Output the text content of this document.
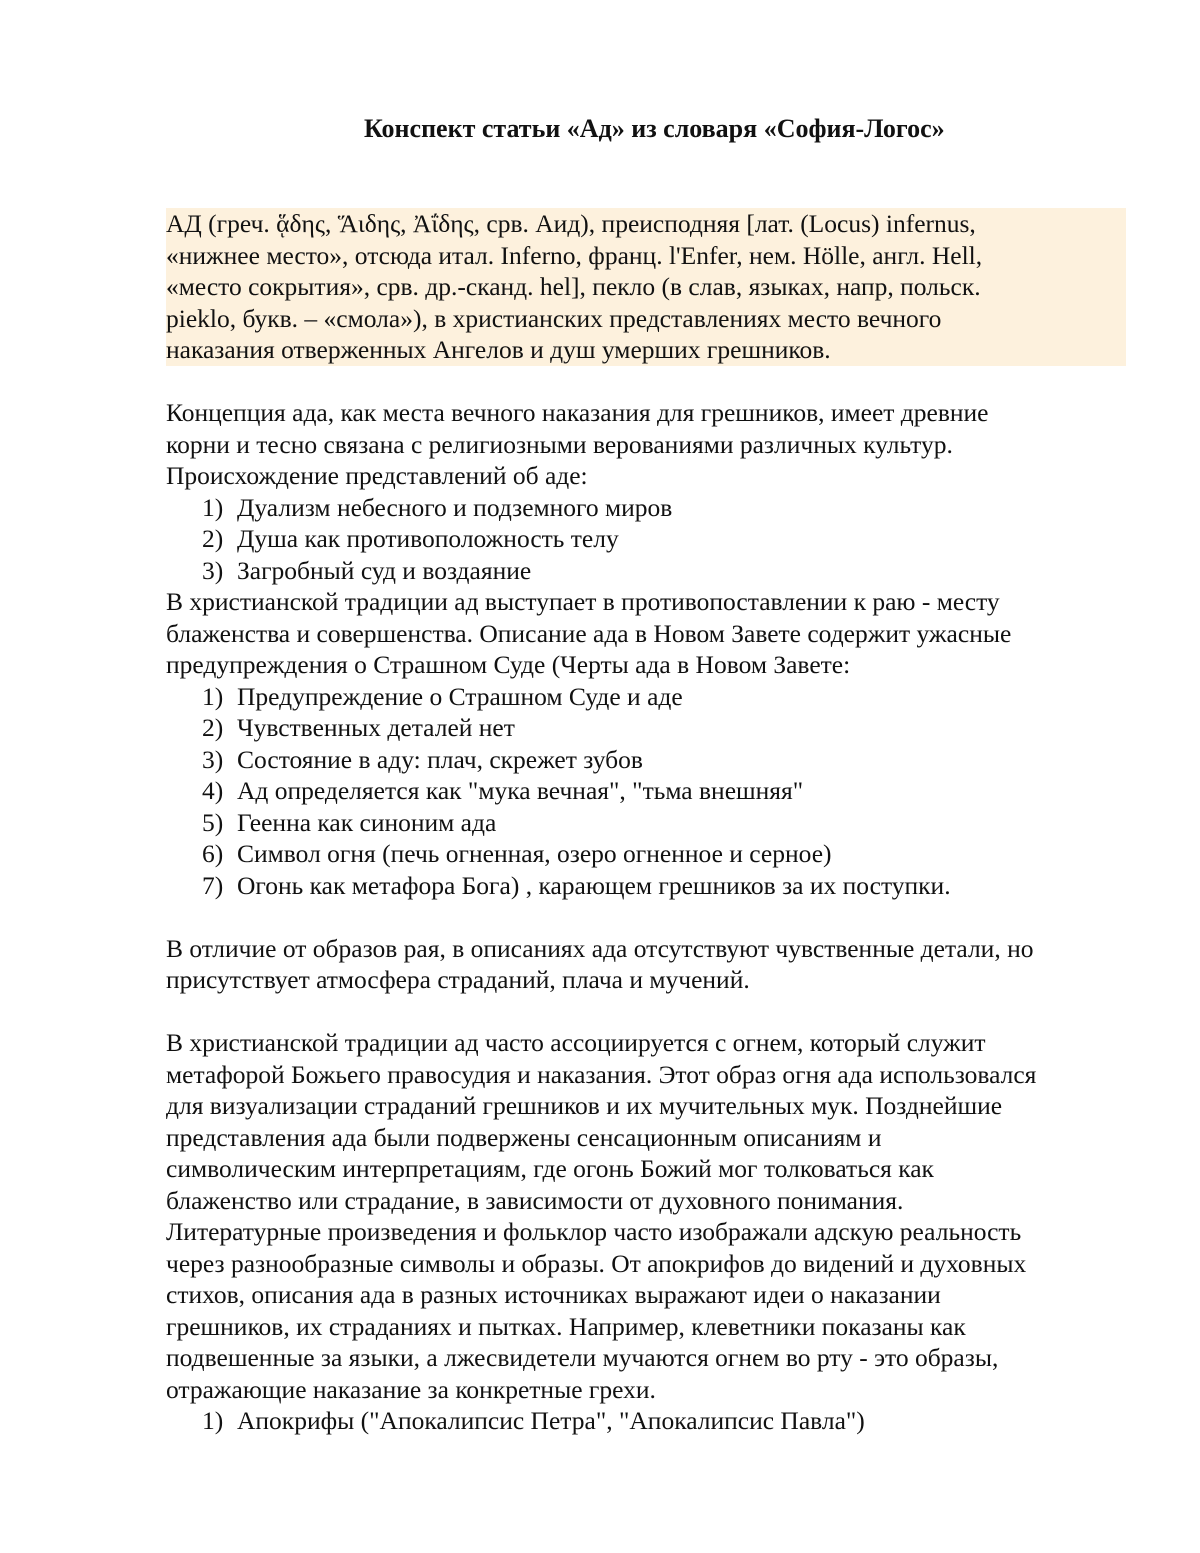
Конспект статьи «Ад» из словаря «София-Логос»

АД (греч. ᾅδης, Ἅιδης, Ἀΐδης, срв. Аид), преисподняя [лат. (Locus) infernus,
«нижнее место», отсюда итал. Inferno, франц. l'Enfer, нем. Hölle, англ. Hell,
«место сокрытия», срв. др.-сканд. hel], пекло (в слав, языках, напр, польск.
pieklo, букв. – «смола»), в христианских представлениях место вечного
наказания отверженных Ангелов и душ умерших грешников.

Концепция ада, как места вечного наказания для грешников, имеет древние
корни и тесно связана с религиозными верованиями различных культур.
Происхождение представлений об аде:

1) Дуализм небесного и подземного миров
2) Душа как противоположность телу
3) Загробный суд и воздаяние

В христианской традиции ад выступает в противопоставлении к раю - месту
блаженства и совершенства. Описание ада в Новом Завете содержит ужасные
предупреждения о Страшном Суде (Черты ада в Новом Завете:

1) Предупреждение о Страшном Суде и аде
2) Чувственных деталей нет
3) Состояние в аду: плач, скрежет зубов
4) Ад определяется как "мука вечная", "тьма внешняя"
5) Геенна как синоним ада
6) Символ огня (печь огненная, озеро огненное и серное)
7) Огонь как метафора Бога) , карающем грешников за их поступки.

В отличие от образов рая, в описаниях ада отсутствуют чувственные детали, но
присутствует атмосфера страданий, плача и мучений.

В христианской традиции ад часто ассоциируется с огнем, который служит
метафорой Божьего правосудия и наказания. Этот образ огня ада использовался
для визуализации страданий грешников и их мучительных мук. Позднейшие
представления ада были подвержены сенсационным описаниям и
символическим интерпретациям, где огонь Божий мог толковаться как
блаженство или страдание, в зависимости от духовного понимания.
Литературные произведения и фольклор часто изображали адскую реальность
через разнообразные символы и образы. От апокрифов до видений и духовных
стихов, описания ада в разных источниках выражают идеи о наказании
грешников, их страданиях и пытках. Например, клеветники показаны как
подвешенные за языки, а лжесвидетели мучаются огнем во рту - это образы,
отражающие наказание за конкретные грехи.

1) Апокрифы ("Апокалипсис Петра", "Апокалипсис Павла")
